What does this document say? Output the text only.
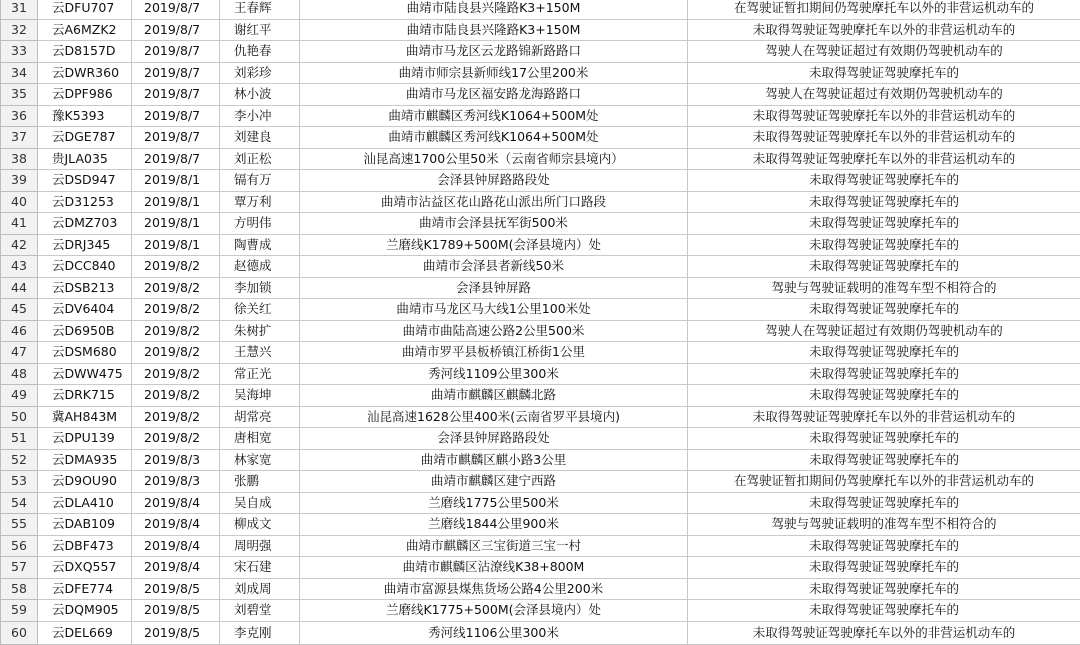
31	云DFU707	2019/8/7	王春辉	曲靖市陆良县兴隆路K3+150M	在驾驶证暂扣期间仍驾驶摩托车以外的非营运机动车的
32	云A6MZK2	2019/8/7	谢红平	曲靖市陆良县兴隆路K3+150M	未取得驾驶证驾驶摩托车以外的非营运机动车的
33	云D8157D	2019/8/7	仇艳春	曲靖市马龙区云龙路锦新路路口	驾驶人在驾驶证超过有效期仍驾驶机动车的
34	云DWR360	2019/8/7	刘彩珍	曲靖市师宗县新师线17公里200米	未取得驾驶证驾驶摩托车的
35	云DPF986	2019/8/7	林小波	曲靖市马龙区福安路龙海路路口	驾驶人在驾驶证超过有效期仍驾驶机动车的
36	豫K5393	2019/8/7	李小冲	曲靖市麒麟区秀河线K1064+500M处	未取得驾驶证驾驶摩托车以外的非营运机动车的
37	云DGE787	2019/8/7	刘建良	曲靖市麒麟区秀河线K1064+500M处	未取得驾驶证驾驶摩托车以外的非营运机动车的
38	贵JLA035	2019/8/7	刘正松	汕昆高速1700公里50米（云南省师宗县境内）	未取得驾驶证驾驶摩托车以外的非营运机动车的
39	云DSD947	2019/8/1	镉有万	会泽县钟屏路路段处	未取得驾驶证驾驶摩托车的
40	云D31253	2019/8/1	覃万利	曲靖市沾益区花山路花山派出所门口路段	未取得驾驶证驾驶摩托车的
41	云DMZ703	2019/8/1	方明伟	曲靖市会泽县抚军街500米	未取得驾驶证驾驶摩托车的
42	云DRJ345	2019/8/1	陶曹成	兰磨线K1789+500M(会泽县境内）处	未取得驾驶证驾驶摩托车的
43	云DCC840	2019/8/2	赵德成	曲靖市会泽县者新线50米	未取得驾驶证驾驶摩托车的
44	云DSB213	2019/8/2	李加锁	会泽县钟屏路	驾驶与驾驶证载明的准驾车型不相符合的
45	云DV6404	2019/8/2	徐关红	曲靖市马龙区马大线1公里100米处	未取得驾驶证驾驶摩托车的
46	云D6950B	2019/8/2	朱树扩	曲靖市曲陆高速公路2公里500米	驾驶人在驾驶证超过有效期仍驾驶机动车的
47	云DSM680	2019/8/2	王慧兴	曲靖市罗平县板桥镇江桥街1公里	未取得驾驶证驾驶摩托车的
48	云DWW475	2019/8/2	常正光	秀河线1109公里300米	未取得驾驶证驾驶摩托车的
49	云DRK715	2019/8/2	吴海坤	曲靖市麒麟区麒麟北路	未取得驾驶证驾驶摩托车的
50	冀AH843M	2019/8/2	胡常亮	汕昆高速1628公里400米(云南省罗平县境内)	未取得驾驶证驾驶摩托车以外的非营运机动车的
51	云DPU139	2019/8/2	唐相宽	会泽县钟屏路路段处	未取得驾驶证驾驶摩托车的
52	云DMA935	2019/8/3	林家宽	曲靖市麒麟区麒小路3公里	未取得驾驶证驾驶摩托车的
53	云D9OU90	2019/8/3	张鹏	曲靖市麒麟区建宁西路	在驾驶证暂扣期间仍驾驶摩托车以外的非营运机动车的
54	云DLA410	2019/8/4	吴自成	兰磨线1775公里500米	未取得驾驶证驾驶摩托车的
55	云DAB109	2019/8/4	柳成文	兰磨线1844公里900米	驾驶与驾驶证载明的准驾车型不相符合的
56	云DBF473	2019/8/4	周明强	曲靖市麒麟区三宝街道三宝一村	未取得驾驶证驾驶摩托车的
57	云DXQ557	2019/8/4	宋石建	曲靖市麒麟区沾潦线K38+800M	未取得驾驶证驾驶摩托车的
58	云DFE774	2019/8/5	刘成周	曲靖市富源县煤焦货场公路4公里200米	未取得驾驶证驾驶摩托车的
59	云DQM905	2019/8/5	刘碧堂	兰磨线K1775+500M(会泽县境内）处	未取得驾驶证驾驶摩托车的
60	云DEL669	2019/8/5	李克刚	秀河线1106公里300米	未取得驾驶证驾驶摩托车以外的非营运机动车的
